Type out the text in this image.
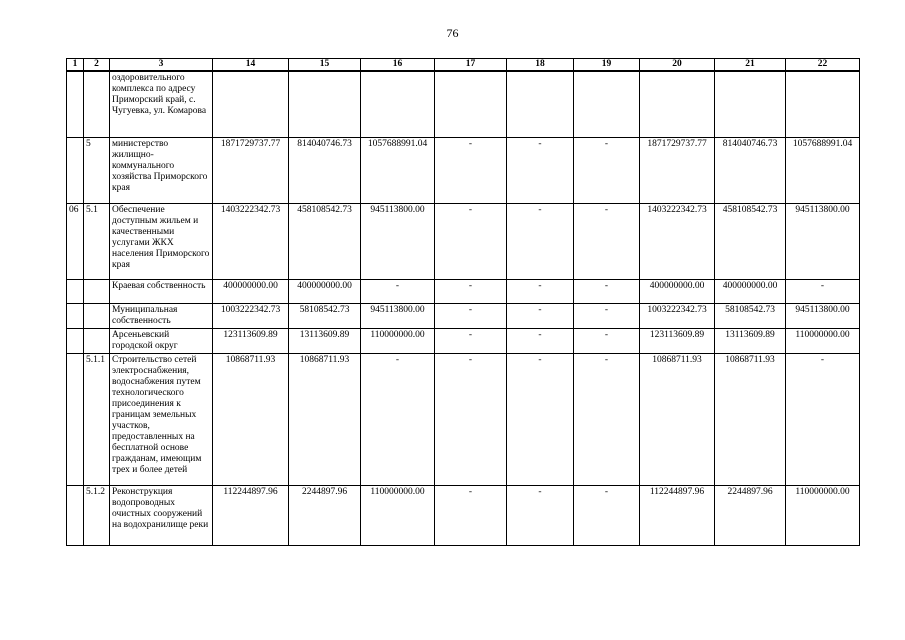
76
1	2	3	14	15	16	17	18	19	20	21	22
		оздоровительного комплекса по адресу Приморский край, с. Чугуевка, ул. Комарова									
	5	министерство жилищно-коммунального хозяйства Приморского края	1871729737.77	814040746.73	1057688991.04	-	-	-	1871729737.77	814040746.73	1057688991.04
06	5.1	Обеспечение доступным жильем и качественными услугами ЖКХ населения Приморского края	1403222342.73	458108542.73	945113800.00	-	-	-	1403222342.73	458108542.73	945113800.00
		Краевая собственность	400000000.00	400000000.00	-	-	-	-	400000000.00	400000000.00	-
		Муниципальная собственность	1003222342.73	58108542.73	945113800.00	-	-	-	1003222342.73	58108542.73	945113800.00
		Арсеньевский городской округ	123113609.89	13113609.89	110000000.00	-	-	-	123113609.89	13113609.89	110000000.00
	5.1.1	Строительство сетей электроснабжения, водоснабжения путем технологического присоединения к границам земельных участков, предоставленных на бесплатной основе гражданам, имеющим трех и более детей	10868711.93	10868711.93	-	-	-	-	10868711.93	10868711.93	-
	5.1.2	Реконструкция водопроводных очистных сооружений на водохранилище реки	112244897.96	2244897.96	110000000.00	-	-	-	112244897.96	2244897.96	110000000.00
